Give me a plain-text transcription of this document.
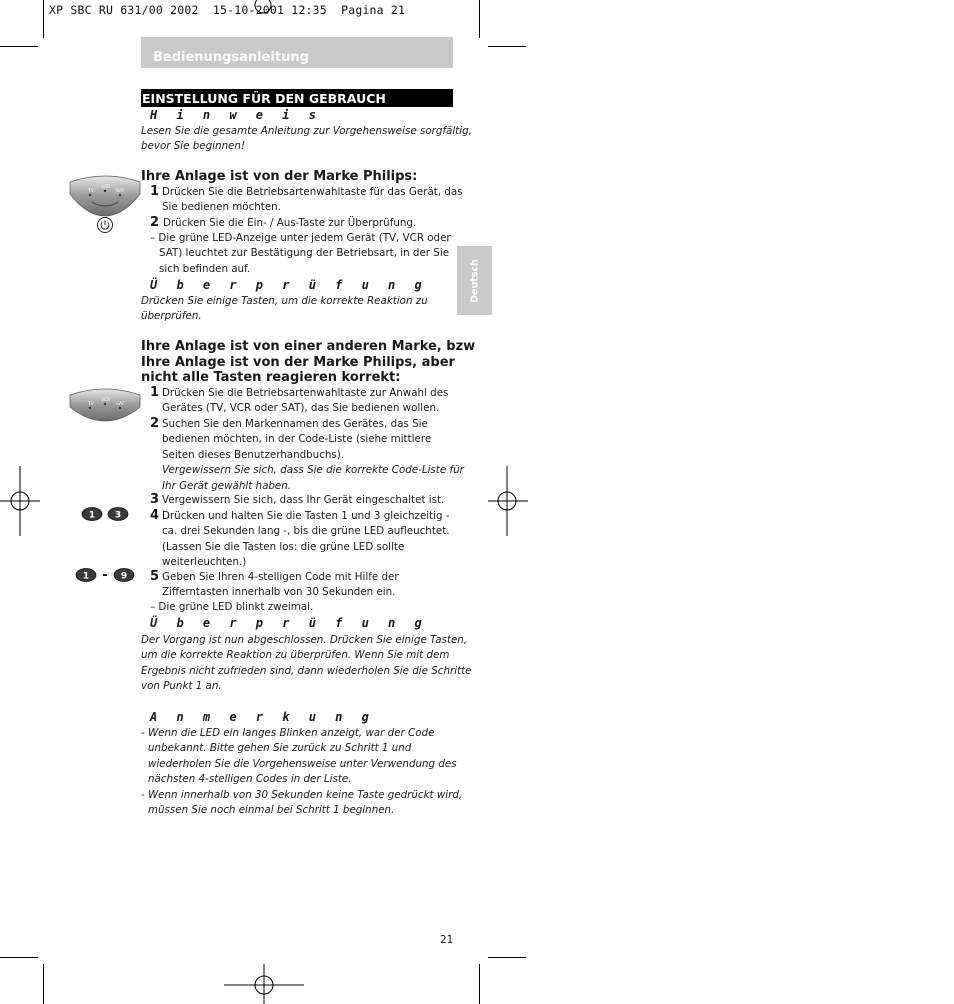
XP SBC RU 631/00 2002  15-10-2001 12:35  Pagina 21
Bedienungsanleitung
EINSTELLUNG FÜR DEN GEBRAUCH
H i n w e i s
Lesen Sie die gesamte Anleitung zur Vorgehensweise sorgfältig,
bevor Sie beginnen!
TV
VCR
SAT
Ihre Anlage ist von der Marke Philips:
1 Drücken Sie die Betriebsartenwahltaste für das Gerät, das
Sie bedienen möchten.
2 Drücken Sie die Ein- / Aus-Taste zur Überprüfung.
– Die grüne LED-Anzeige unter jedem Gerät (TV, VCR oder
SAT) leuchtet zur Bestätigung der Betriebsart, in der Sie
sich befinden auf.
Ü b e r p r ü f u n g
Drücken Sie einige Tasten, um die korrekte Reaktion zu
überprüfen.
Ihre Anlage ist von einer anderen Marke, bzw
Ihre Anlage ist von der Marke Philips, aber
nicht alle Tasten reagieren korrekt:
TV
VCR
SAT
1 Drücken Sie die Betriebsartenwahltaste zur Anwahl des
Gerätes (TV, VCR oder SAT), das Sie bedienen wollen.
2 Suchen Sie den Markennamen des Gerätes, das Sie
bedienen möchten, in der Code-Liste (siehe mittlere
Seiten dieses Benutzerhandbuchs).
Vergewissern Sie sich, dass Sie die korrekte Code-Liste für
Ihr Gerät gewählt haben.
3 Vergewissern Sie sich, dass Ihr Gerät eingeschaltet ist.
1 3 4 Drücken und halten Sie die Tasten 1 und 3 gleichzeitig -
ca. drei Sekunden lang -, bis die grüne LED aufleuchtet.
(Lassen Sie die Tasten los: die grüne LED sollte
weiterleuchten.)
1 - 9 5 Geben Sie Ihren 4-stelligen Code mit Hilfe der
Zifferntasten innerhalb von 30 Sekunden ein.
– Die grüne LED blinkt zweimal.
Ü b e r p r ü f u n g
Der Vorgang ist nun abgeschlossen. Drücken Sie einige Tasten,
um die korrekte Reaktion zu überprüfen. Wenn Sie mit dem
Ergebnis nicht zufrieden sind, dann wiederholen Sie die Schritte
von Punkt 1 an.
A n m e r k u n g
- Wenn die LED ein langes Blinken anzeigt, war der Code
unbekannt. Bitte gehen Sie zurück zu Schritt 1 und
wiederholen Sie die Vorgehensweise unter Verwendung des
nächsten 4-stelligen Codes in der Liste.
- Wenn innerhalb von 30 Sekunden keine Taste gedrückt wird,
müssen Sie noch einmal bei Schritt 1 beginnen.
Deutsch
21
